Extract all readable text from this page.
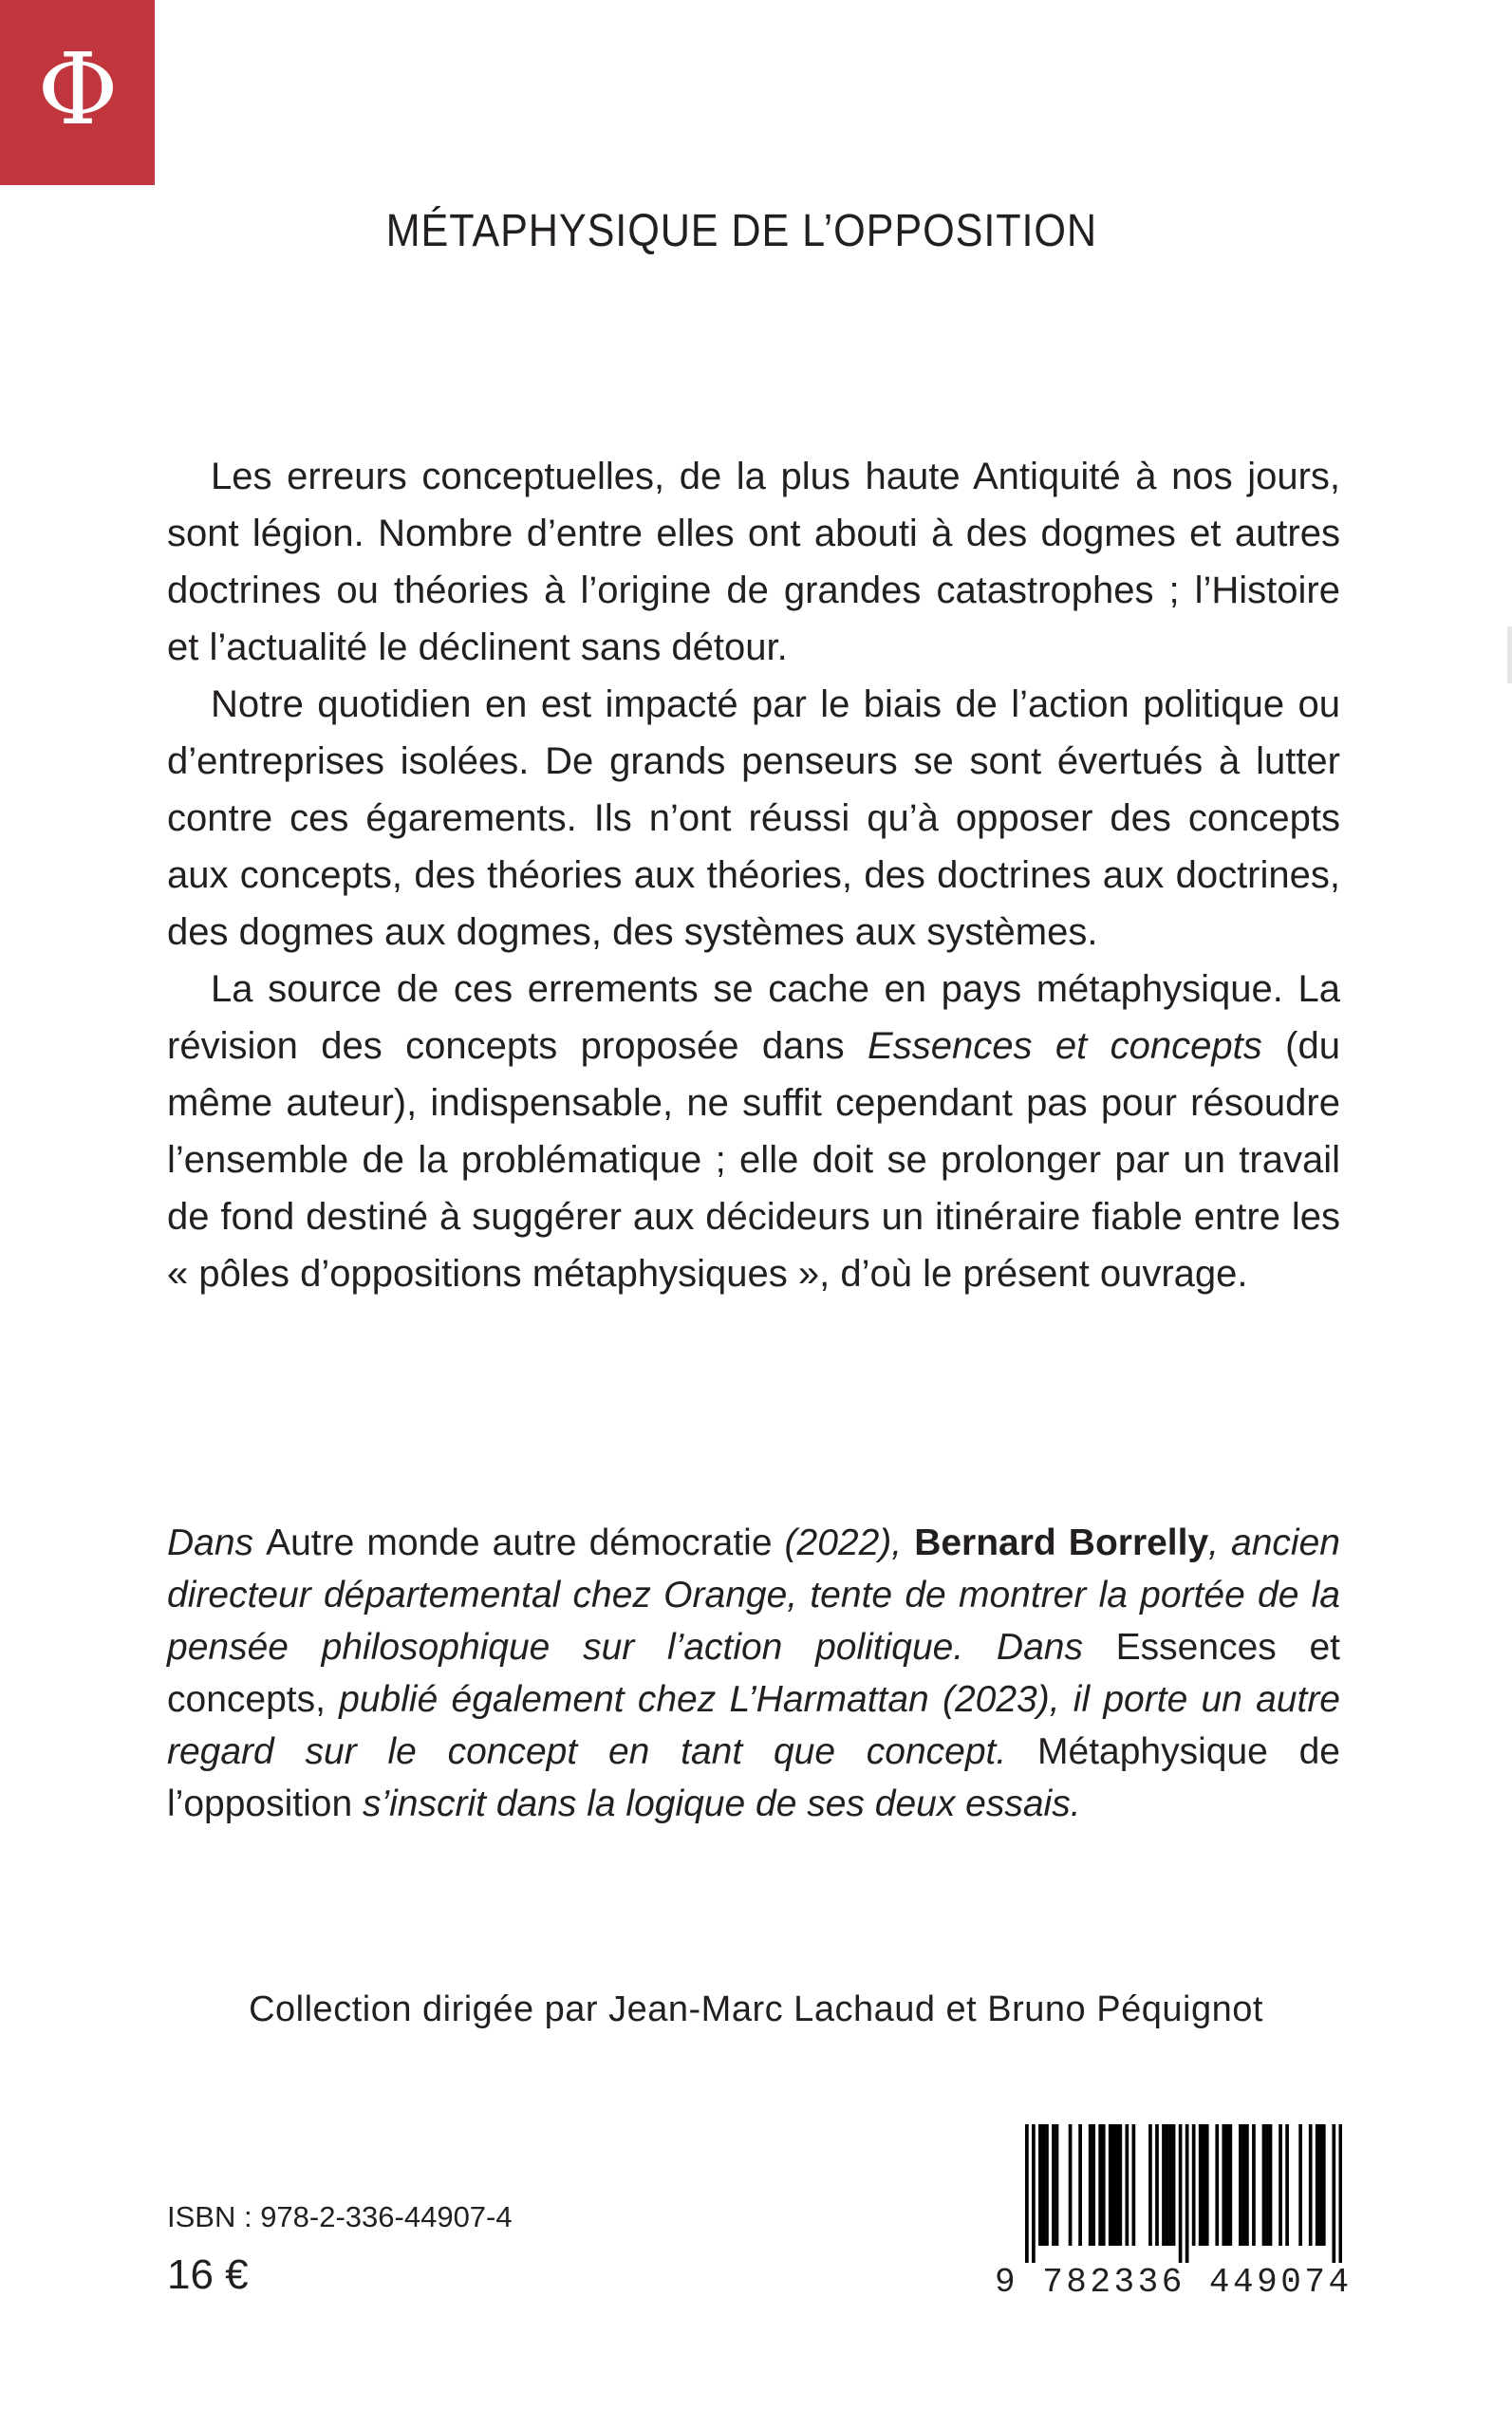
Φ
MÉTAPHYSIQUE DE L’OPPOSITION

Les erreurs conceptuelles, de la plus haute Antiquité à nos jours, sont légion. Nombre d’entre elles ont abouti à des dogmes et autres doctrines ou théories à l’origine de grandes catastrophes ; l’Histoire et l’actualité le déclinent sans détour.

Notre quotidien en est impacté par le biais de l’action politique ou d’entreprises isolées. De grands penseurs se sont évertués à lutter contre ces égarements. Ils n’ont réussi qu’à opposer des concepts aux concepts, des théories aux théories, des doctrines aux doctrines, des dogmes aux dogmes, des systèmes aux systèmes.

La source de ces errements se cache en pays métaphysique. La révision des concepts proposée dans Essences et concepts (du même auteur), indispensable, ne suffit cependant pas pour résoudre l’ensemble de la problématique ; elle doit se prolonger par un travail de fond destiné à suggérer aux décideurs un itinéraire fiable entre les « pôles d’oppositions métaphysiques », d’où le présent ouvrage.

Dans Autre monde autre démocratie (2022), Bernard Borrelly, ancien directeur départemental chez Orange, tente de montrer la portée de la pensée philosophique sur l’action politique. Dans Essences et concepts, publié également chez L’Harmattan (2023), il porte un autre regard sur le concept en tant que concept. Métaphysique de l’opposition s’inscrit dans la logique de ses deux essais.
Collection dirigée par Jean-Marc Lachaud et Bruno Péquignot
ISBN : 978-2-336-44907-4
16 €	9 782336 449074
